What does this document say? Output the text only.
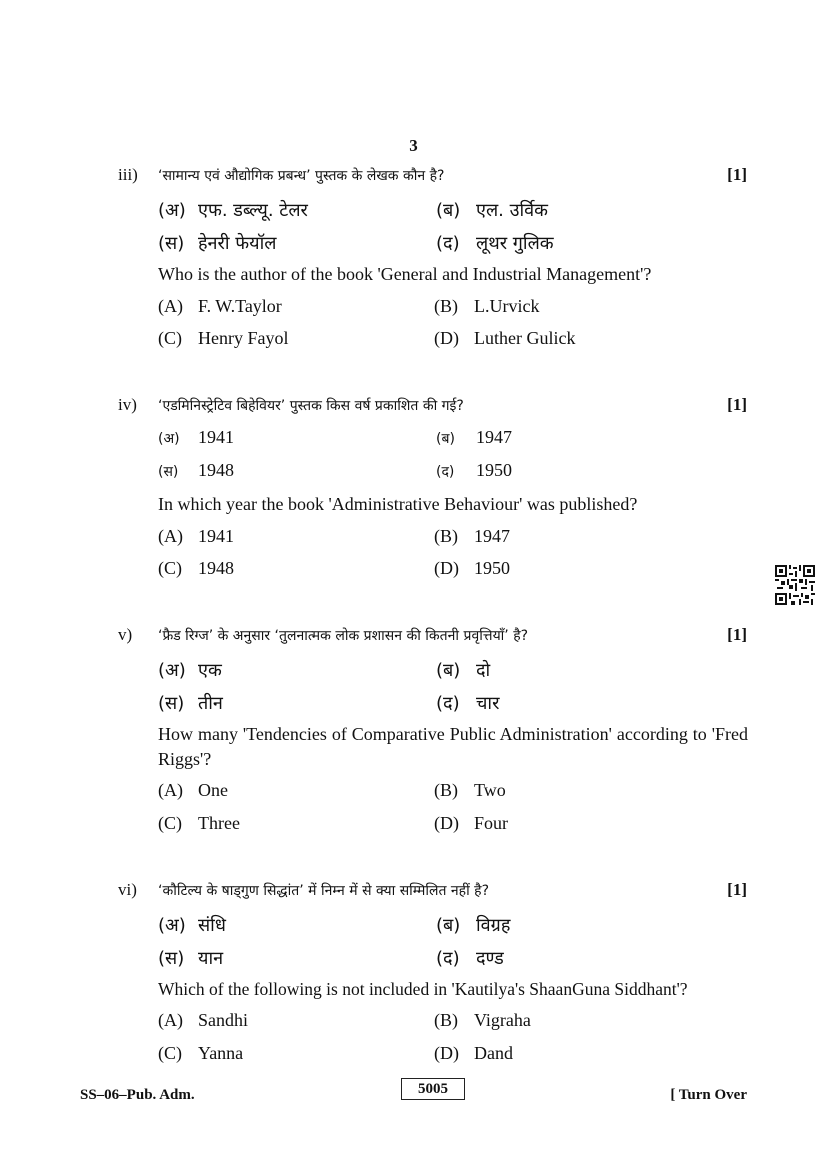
3
iii) ‘सामान्य एवं औद्योगिक प्रबन्ध’ पुस्तक के लेखक कौन है?	[1]
(अ) एफ. डब्ल्यू. टेलर	(ब) एल. उर्विक
(स) हेनरी फेयॉल	(द) लूथर गुलिक
Who is the author of the book 'General and Industrial Management'?
(A) F. W.Taylor	(B) L.Urvick
(C) Henry Fayol	(D) Luther Gulick
iv) ‘एडमिनिस्ट्रेटिव बिहेवियर’ पुस्तक किस वर्ष प्रकाशित की गई?	[1]
(अ) 1941	(ब) 1947
(स) 1948	(द) 1950
In which year the book 'Administrative Behaviour' was published?
(A) 1941	(B) 1947
(C) 1948	(D) 1950
v) ‘फ्रैड रिग्ज’ के अनुसार ‘तुलनात्मक लोक प्रशासन की कितनी प्रवृत्तियाँ’ है?	[1]
(अ) एक	(ब) दो
(स) तीन	(द) चार
How many 'Tendencies of Comparative Public Administration' according to 'Fred Riggs'?
(A) One	(B) Two
(C) Three	(D) Four
vi) ‘कौटिल्य के षाड्गुण सिद्धांत’ में निम्न में से क्या सम्मिलित नहीं है?	[1]
(अ) संधि	(ब) विग्रह
(स) यान	(द) दण्ड
Which of the following is not included in 'Kautilya's ShaanGuna Siddhant'?
(A) Sandhi	(B) Vigraha
(C) Yanna	(D) Dand
SS–06–Pub. Adm.	5005	[ Turn Over
